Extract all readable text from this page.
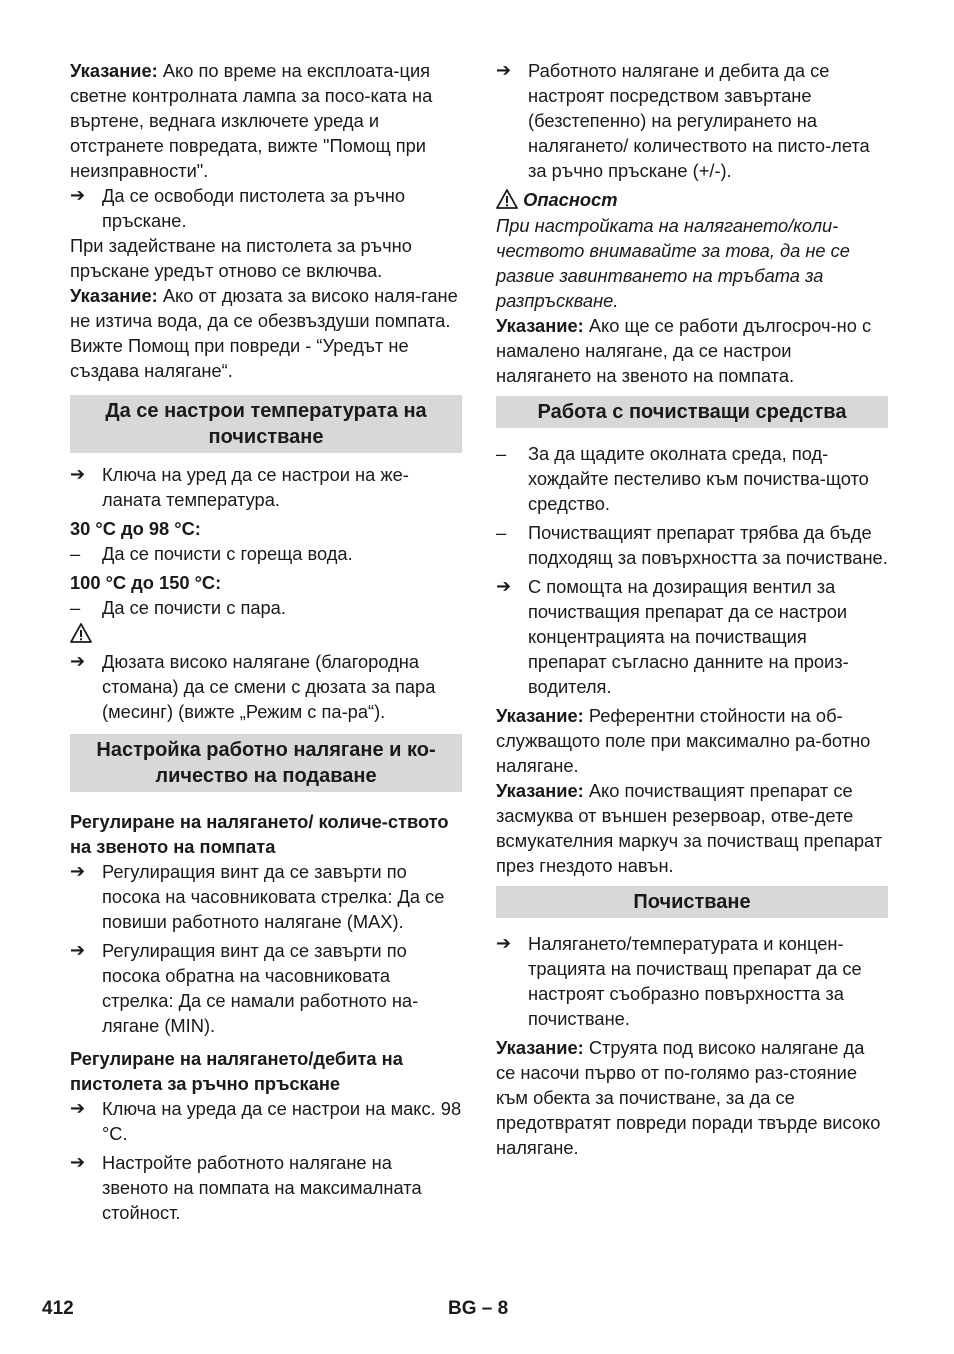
Указание: Ако по време на експлоата-ция светне контролната лампа за посо-ката на въртене, веднага изключете уреда и отстранете повредата, вижте "Помощ при неизправности".

➔ Да се освободи пистолета за ръчно пръскане.

При задействане на пистолета за ръчно пръскане уредът отново се включва.

Указание: Ако от дюзата за високо наля-гане не изтича вода, да се обезвъздуши помпата. Вижте Помощ при повреди - “Уредът не създава налягане“.

Да се настрои температурата на почистване
➔ Ключа на уред да се настрои на же-ланата температура.
30 °C до 98 °C:
–	Да се почисти с гореща вода.
100 °C до 150 °C:
–	Да се почисти с пара.
➔ Дюзата високо налягане (благородна стомана) да се смени с дюзата за пара (месинг) (вижте „Режим с па-ра“).
Настройка работно налягане и ко-личество на подаване
Регулиране на налягането/ количе-ството на звеното на помпата
➔ Регулиращия винт да се завърти по посока на часовниковата стрелка: Да се повиши работното налягане (MAX).
➔ Регулиращия винт да се завърти по посока обратна на часовниковата стрелка: Да се намали работното на-лягане (MIN).
Регулиране на налягането/дебита на пистолета за ръчно пръскане
➔ Ключа на уреда да се настрои на макс. 98 °C.
➔ Настройте работното налягане на звеното на помпата на максималната стойност.
➔ Работното налягане и дебита да се настроят посредством завъртане (безстепенно) на регулирането на налягането/ количеството на писто-лета за ръчно пръскане (+/-).
Опасност

При настройката на налягането/коли-чеството внимавайте за това, да не се развие завинтването на тръбата за разпръскване.

Указание: Ако ще се работи дългосроч-но с намалено налягане, да се настрои налягането на звеното на помпата.

Работа с почистващи средства
–	За да щадите околната среда, под-хождайте пестеливо към почиства-щото средство.
–	Почистващият препарат трябва да бъде подходящ за повърхността за почистване.
➔ С помощта на дозиращия вентил за почистващия препарат да се настрои концентрацията на почистващия препарат съгласно данните на произ-водителя.

Указание: Референтни стойности на об-служващото поле при максимално ра-ботно налягане.

Указание: Ако почистващият препарат се засмуква от външен резервоар, отве-дете всмукателния маркуч за почистващ препарат през гнездото навън.

Почистване
➔ Налягането/температурата и концен-трацията на почистващ препарат да се настроят съобразно повърхността за почистване.

Указание: Струята под високо налягане да се насочи първо от по-голямо раз-стояние към обекта за почистване, за да се предотвратят повреди поради твърде високо налягане.

412	BG – 8
